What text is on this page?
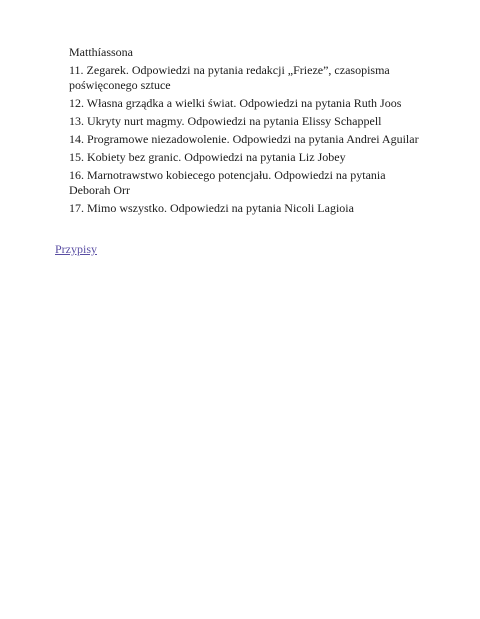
Matthíassona
11. Zegarek. Odpowiedzi na pytania redakcji „Frieze”, czasopisma poświęconego sztuce
12. Własna grządka a wielki świat. Odpowiedzi na pytania Ruth Joos
13. Ukryty nurt magmy. Odpowiedzi na pytania Elissy Schappell
14. Programowe niezadowolenie. Odpowiedzi na pytania Andrei Aguilar
15. Kobiety bez granic. Odpowiedzi na pytania Liz Jobey
16. Marnotrawstwo kobiecego potencjału. Odpowiedzi na pytania Deborah Orr
17. Mimo wszystko. Odpowiedzi na pytania Nicoli Lagioia
Przypisy
